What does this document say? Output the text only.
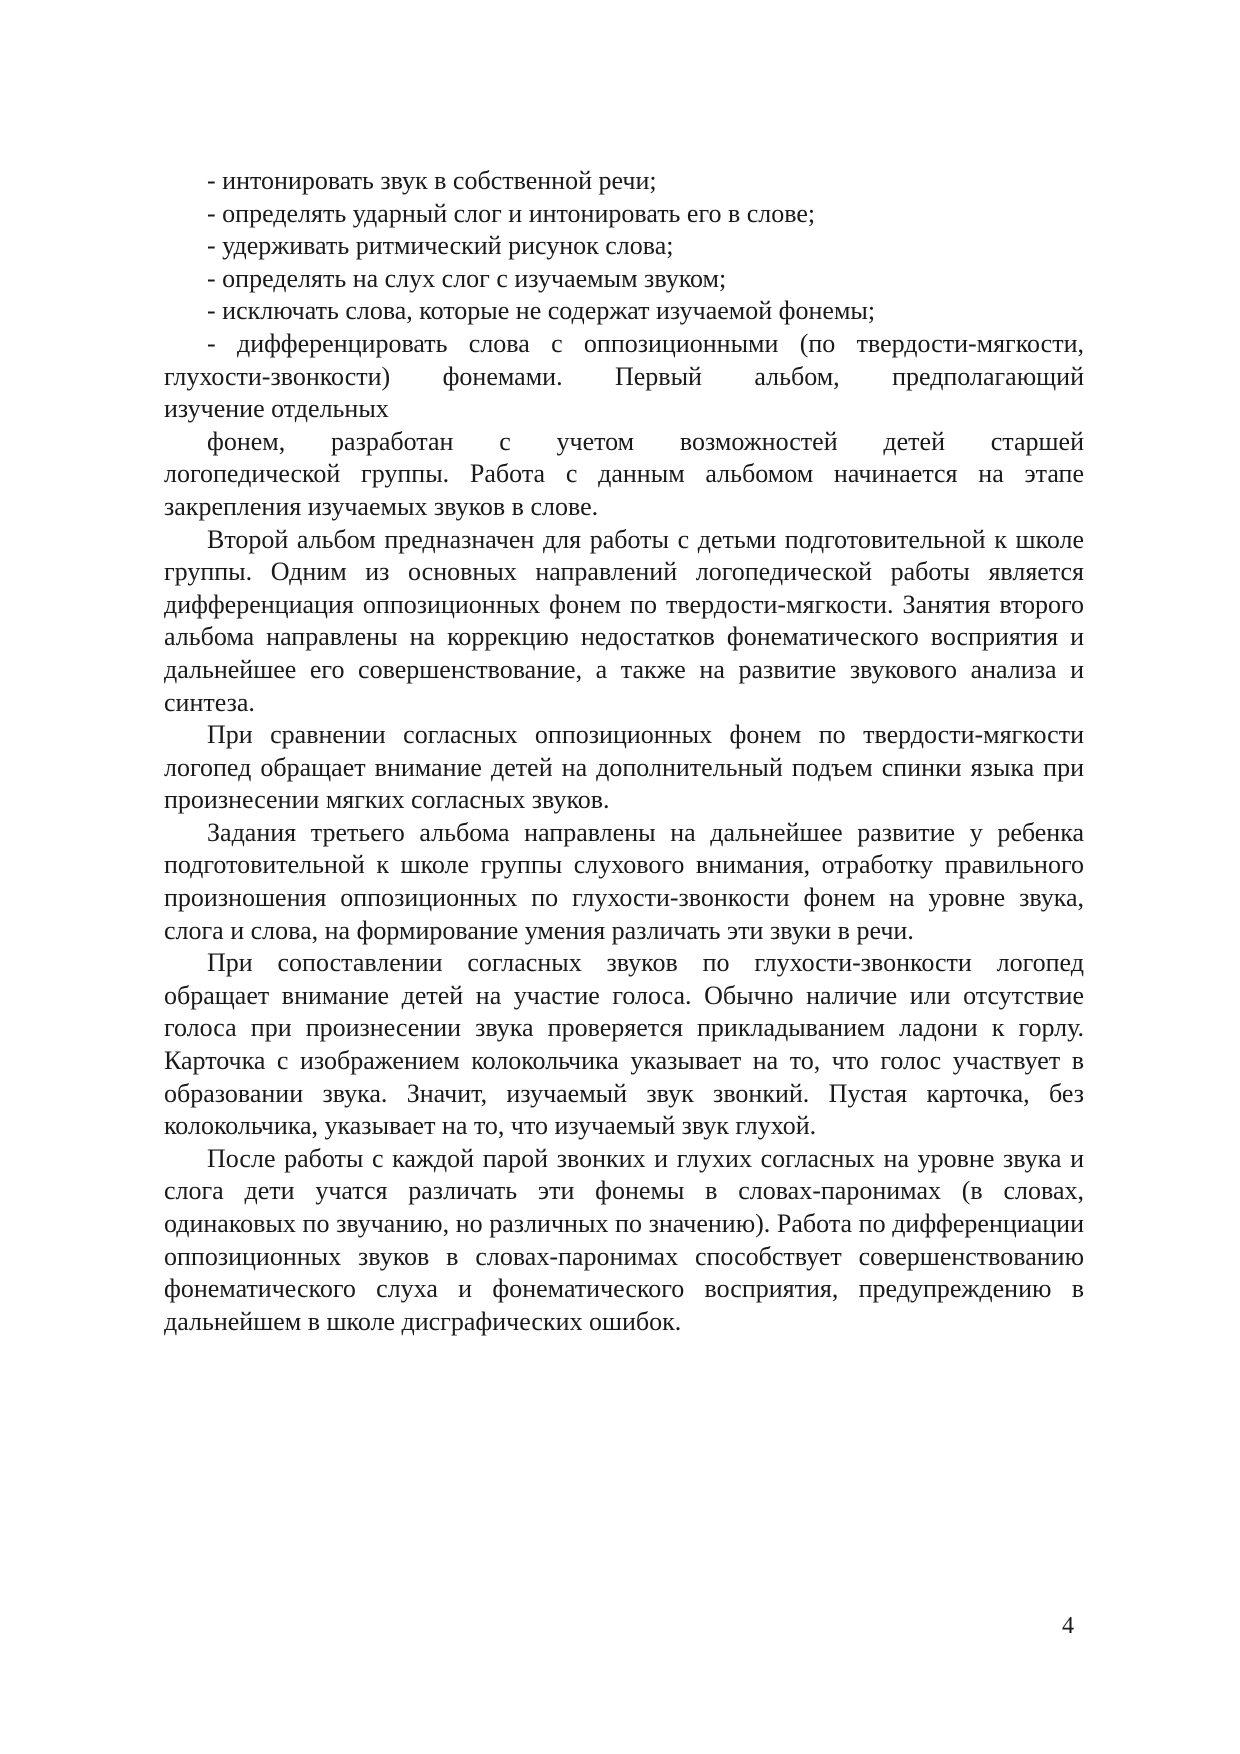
- интонировать звук в собственной речи;

- определять ударный слог и интонировать его в слове;

- удерживать ритмический рисунок слова;

- определять на слух слог с изучаемым звуком;

- исключать слова, которые не содержат изучаемой фонемы;

- дифференцировать слова с оппозиционными (по твердости-мягкости,

глухости-звонкости) фонемами. Первый альбом, предполагающий

изучение отдельных

фонем, разработан с учетом возможностей детей старшей

логопедической группы. Работа с данным альбомом начинается на этапе закрепления изучаемых звуков в слове.

Второй альбом предназначен для работы с детьми подготовительной к школе группы. Одним из основных направлений логопедической работы является дифференциация оппозиционных фонем по твердости-мягкости. Занятия второго альбома направлены на коррекцию недостатков фонематического восприятия и дальнейшее его совершенствование, а также на развитие звукового анализа и синтеза.

При сравнении согласных оппозиционных фонем по твердости-мягкости логопед обращает внимание детей на дополнительный подъем спинки языка при произнесении мягких согласных звуков.

Задания третьего альбома направлены на дальнейшее развитие у ребенка подготовительной к школе группы слухового внимания, отработку правильного произношения оппозиционных по глухости-звонкости фонем на уровне звука, слога и слова, на формирование умения различать эти звуки в речи.

При сопоставлении согласных звуков по глухости-звонкости логопед обращает внимание детей на участие голоса. Обычно наличие или отсутствие голоса при произнесении звука проверяется прикладыванием ладони к горлу. Карточка с изображением колокольчика указывает на то, что голос участвует в образовании звука. Значит, изучаемый звук звонкий. Пустая карточка, без колокольчика, указывает на то, что изучаемый звук глухой.

После работы с каждой парой звонких и глухих согласных на уровне звука и слога дети учатся различать эти фонемы в словах-паронимах (в словах, одинаковых по звучанию, но различных по значению). Работа по дифференциации оппозиционных звуков в словах-паронимах способствует совершенствованию фонематического слуха и фонематического восприятия, предупреждению в дальнейшем в школе дисграфических ошибок.

4
